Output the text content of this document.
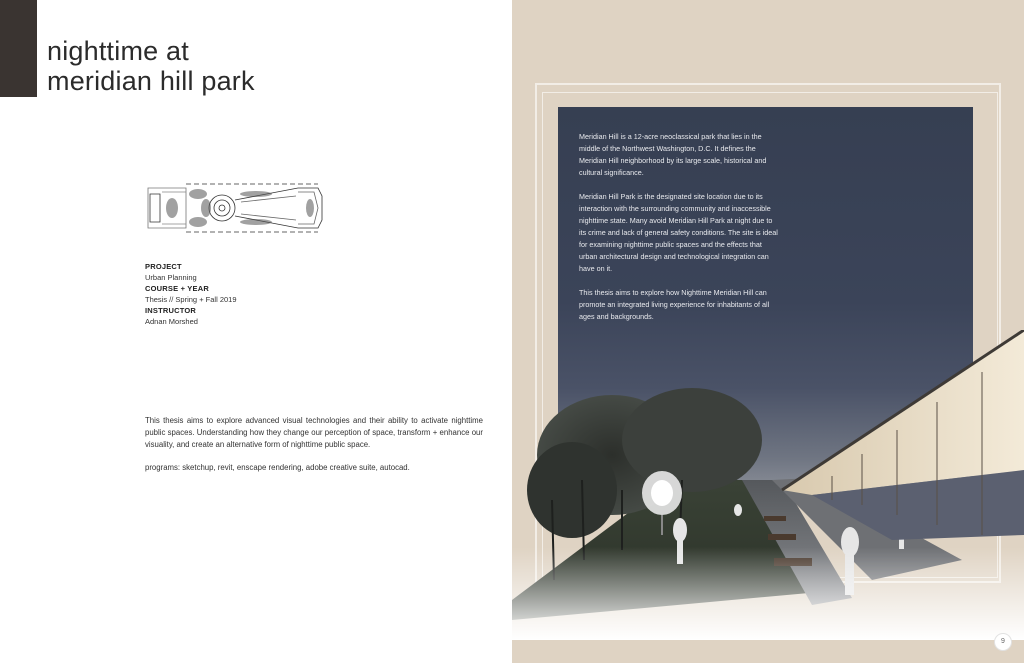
nighttime at
meridian hill park
PROJECT
Urban Planning
COURSE + YEAR
Thesis // Spring + Fall 2019
INSTRUCTOR
Adnan Morshed

This thesis aims to explore advanced visual technologies and their ability to activate nighttime public spaces. Understanding how they change our perception of space, transform + enhance our visuality, and create an alternative form of nighttime public space.

programs: sketchup, revit, enscape rendering, adobe creative suite, autocad.

Meridian Hill is a 12-acre neoclassical park that lies in the middle of the Northwest Washington, D.C. It defines the Meridian Hill neighborhood by its large scale, historical and cultural significance.

Meridian Hill Park is the designated site location due to its interaction with the surrounding community and inaccessible nighttime state. Many avoid Meridian Hill Park at night due to its crime and lack of general safety conditions. The site is ideal for examining nighttime public spaces and the effects that urban architectural design and technological integration can have on it.

This thesis aims to explore how Nighttime Meridian Hill can promote an integrated living experience for inhabitants of all ages and backgrounds.

9
